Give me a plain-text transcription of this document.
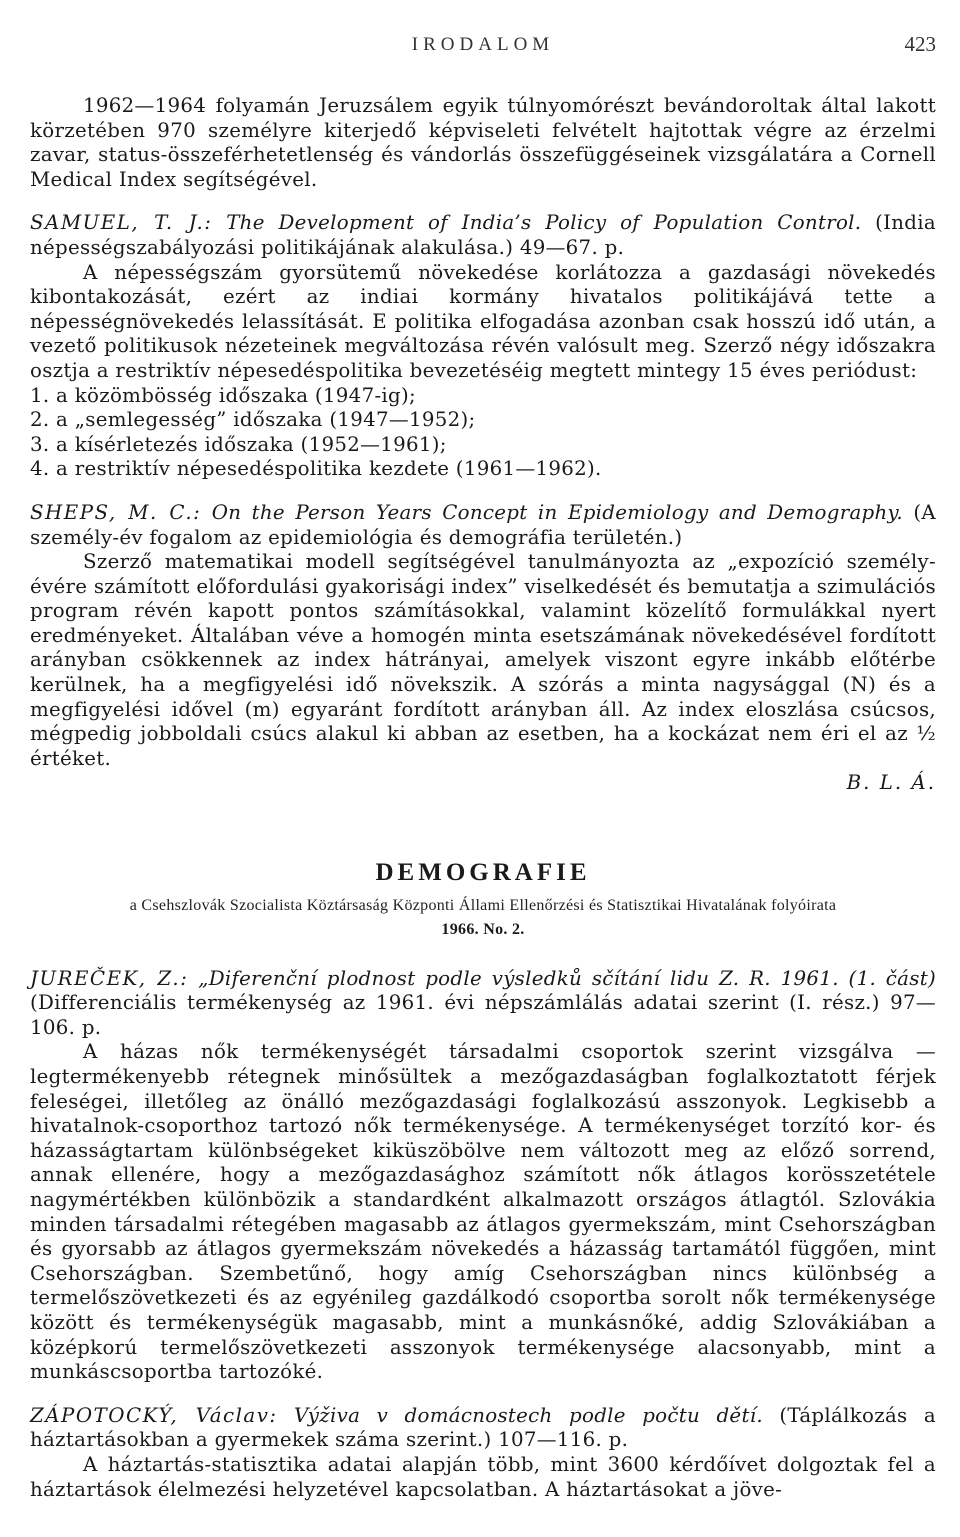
IRODALOM	423

1962—1964 folyamán Jeruzsálem egyik túlnyomórészt bevándoroltak által lakott körzetében 970 személyre kiterjedő képviseleti felvételt hajtottak végre az érzelmi zavar, status-összeférhetetlenség és vándorlás összefüggéseinek vizsgálatára a Cornell Medical Index segítségével.

SAMUEL, T. J.: The Development of India’s Policy of Population Control. (India népességszabályozási politikájának alakulása.) 49—67. p.

A népességszám gyorsütemű növekedése korlátozza a gazdasági növekedés kibontakozását, ezért az indiai kormány hivatalos politikájává tette a népességnövekedés lelassítását. E politika elfogadása azonban csak hosszú idő után, a vezető politikusok nézeteinek megváltozása révén valósult meg. Szerző négy időszakra osztja a restriktív népesedéspolitika bevezetéséig megtett mintegy 15 éves periódust:

1. a közömbösség időszaka (1947-ig);
2. a „semlegesség” időszaka (1947—1952);
3. a kísérletezés időszaka (1952—1961);
4. a restriktív népesedéspolitika kezdete (1961—1962).

SHEPS, M. C.: On the Person Years Concept in Epidemiology and Demography. (A személy-év fogalom az epidemiológia és demográfia területén.)

Szerző matematikai modell segítségével tanulmányozta az „expozíció személy-évére számított előfordulási gyakorisági index” viselkedését és bemutatja a szimulációs program révén kapott pontos számításokkal, valamint közelítő formulákkal nyert eredményeket. Általában véve a homogén minta esetszámának növekedésével fordított arányban csökkennek az index hátrányai, amelyek viszont egyre inkább előtérbe kerülnek, ha a megfigyelési idő növekszik. A szórás a minta nagysággal (N) és a megfigyelési idővel (m) egyaránt fordított arányban áll. Az index eloszlása csúcsos, mégpedig jobboldali csúcs alakul ki abban az esetben, ha a kockázat nem éri el az ½ értéket.

B. L. Á.

DEMOGRAFIE

a Csehszlovák Szocialista Köztársaság Központi Állami Ellenőrzési és Statisztikai Hivatalának folyóirata

1966. No. 2.

JUREČEK, Z.: „Diferenční plodnost podle výsledků sčítání lidu Z. R. 1961. (1. část) (Differenciális termékenység az 1961. évi népszámlálás adatai szerint (I. rész.) 97—106. p.

A házas nők termékenységét társadalmi csoportok szerint vizsgálva — legtermékenyebb rétegnek minősültek a mezőgazdaságban foglalkoztatott férjek feleségei, illetőleg az önálló mezőgazdasági foglalkozású asszonyok. Legkisebb a hivatalnok-csoporthoz tartozó nők termékenysége. A termékenységet torzító kor- és házasságtartam különbségeket kiküszöbölve nem változott meg az előző sorrend, annak ellenére, hogy a mezőgazdasághoz számított nők átlagos korösszetétele nagymértékben különbözik a standardként alkalmazott országos átlagtól. Szlovákia minden társadalmi rétegében magasabb az átlagos gyermekszám, mint Csehországban és gyorsabb az átlagos gyermekszám növekedés a házasság tartamától függően, mint Csehországban. Szembetűnő, hogy amíg Csehországban nincs különbség a termelőszövetkezeti és az egyénileg gazdálkodó csoportba sorolt nők termékenysége között és termékenységük magasabb, mint a munkásnőké, addig Szlovákiában a középkorú termelőszövetkezeti asszonyok termékenysége alacsonyabb, mint a munkáscsoportba tartozóké.

ZÁPOTOCKÝ, Václav: Výživa v domácnostech podle počtu dětí. (Táplálkozás a háztartásokban a gyermekek száma szerint.) 107—116. p.

A háztartás-statisztika adatai alapján több, mint 3600 kérdőívet dolgoztak fel a háztartások élelmezési helyzetével kapcsolatban. A háztartásokat a jöve-
